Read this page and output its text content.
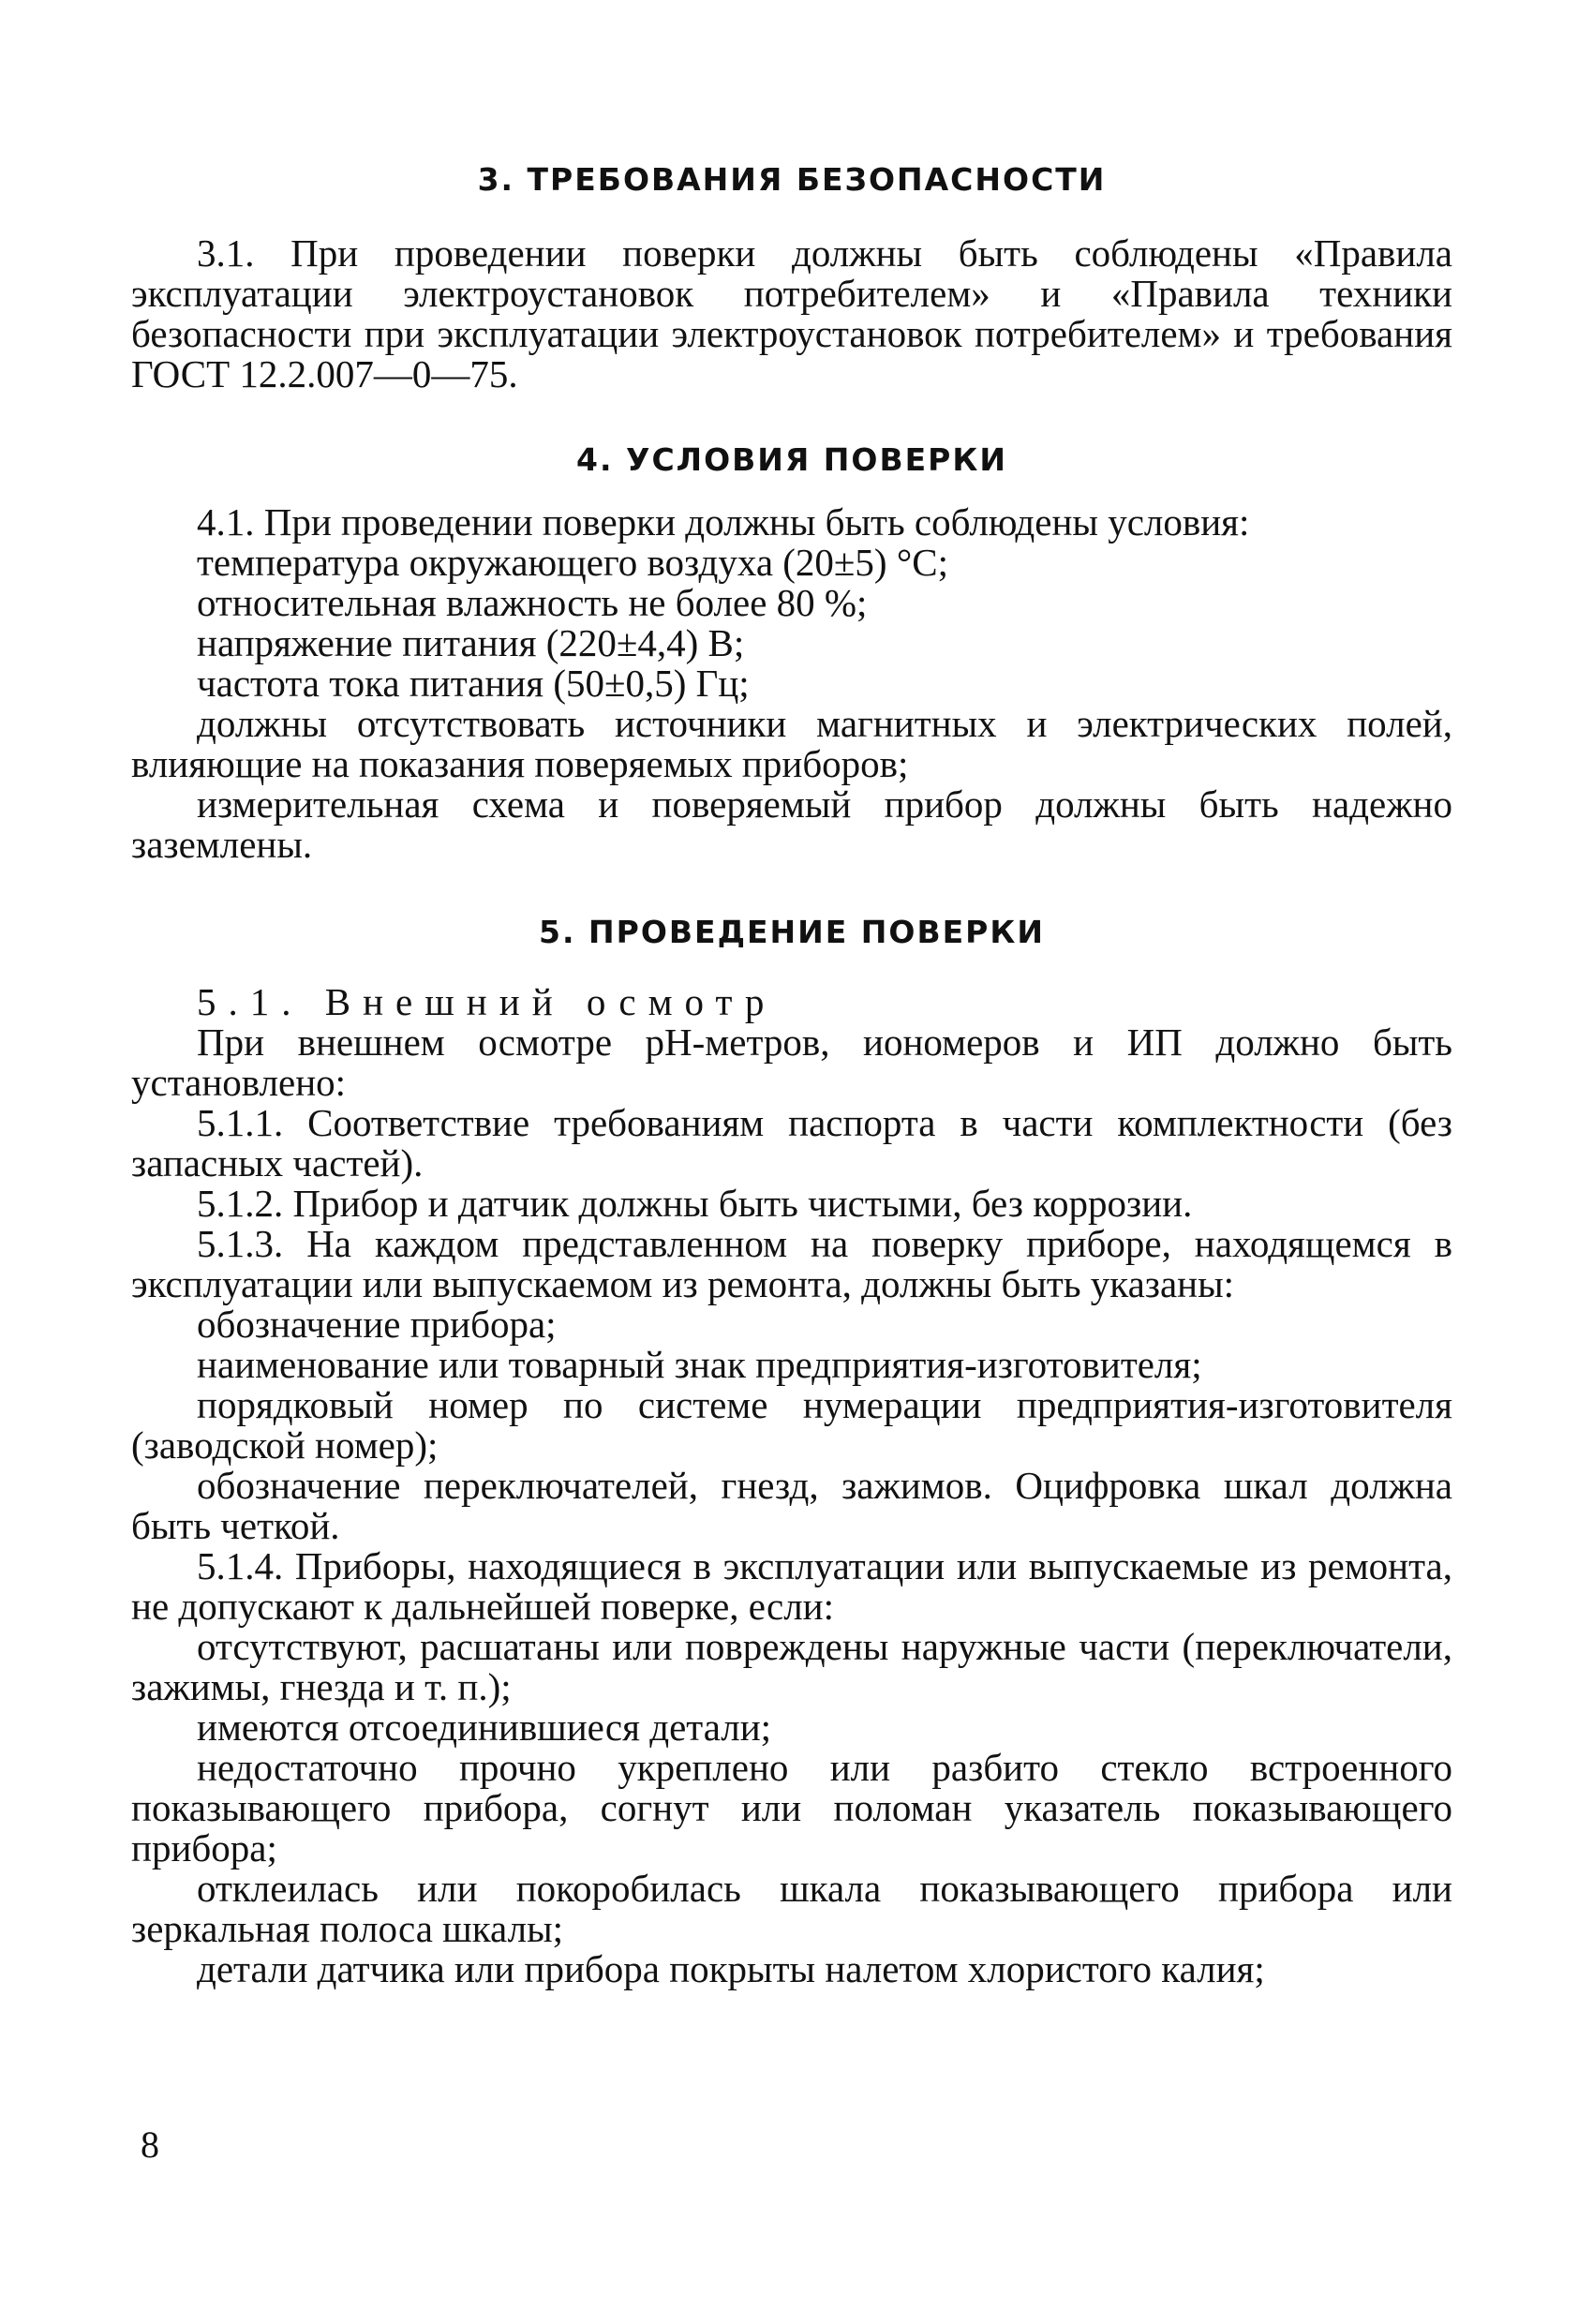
3. ТРЕБОВАНИЯ БЕЗОПАСНОСТИ

3.1. При проведении поверки должны быть соблюдены «Правила эксплуатации электроустановок потребителем» и «Правила техники безопасности при эксплуатации электроустановок потребителем» и требования ГОСТ 12.2.007—0—75.

4. УСЛОВИЯ ПОВЕРКИ

4.1. При проведении поверки должны быть соблюдены условия:

температура окружающего воздуха (20±5) °С;

относительная влажность не более 80 %;

напряжение питания (220±4,4) В;

частота тока питания (50±0,5) Гц;

должны отсутствовать источники магнитных и электрических полей, влияющие на показания поверяемых приборов;

измерительная схема и поверяемый прибор должны быть надежно заземлены.

5. ПРОВЕДЕНИЕ ПОВЕРКИ

5.1. Внешний осмотр

При внешнем осмотре рН-метров, иономеров и ИП должно быть установлено:

5.1.1. Соответствие требованиям паспорта в части комплектности (без запасных частей).

5.1.2. Прибор и датчик должны быть чистыми, без коррозии.

5.1.3. На каждом представленном на поверку приборе, находящемся в эксплуатации или выпускаемом из ремонта, должны быть указаны:

обозначение прибора;

наименование или товарный знак предприятия-изготовителя;

порядковый номер по системе нумерации предприятия-изготовителя (заводской номер);

обозначение переключателей, гнезд, зажимов. Оцифровка шкал должна быть четкой.

5.1.4. Приборы, находящиеся в эксплуатации или выпускаемые из ремонта, не допускают к дальнейшей поверке, если:

отсутствуют, расшатаны или повреждены наружные части (переключатели, зажимы, гнезда и т. п.);

имеются отсоединившиеся детали;

недостаточно прочно укреплено или разбито стекло встроенного показывающего прибора, согнут или поломан указатель показывающего прибора;

отклеилась или покоробилась шкала показывающего прибора или зеркальная полоса шкалы;

детали датчика или прибора покрыты налетом хлористого калия;

8
